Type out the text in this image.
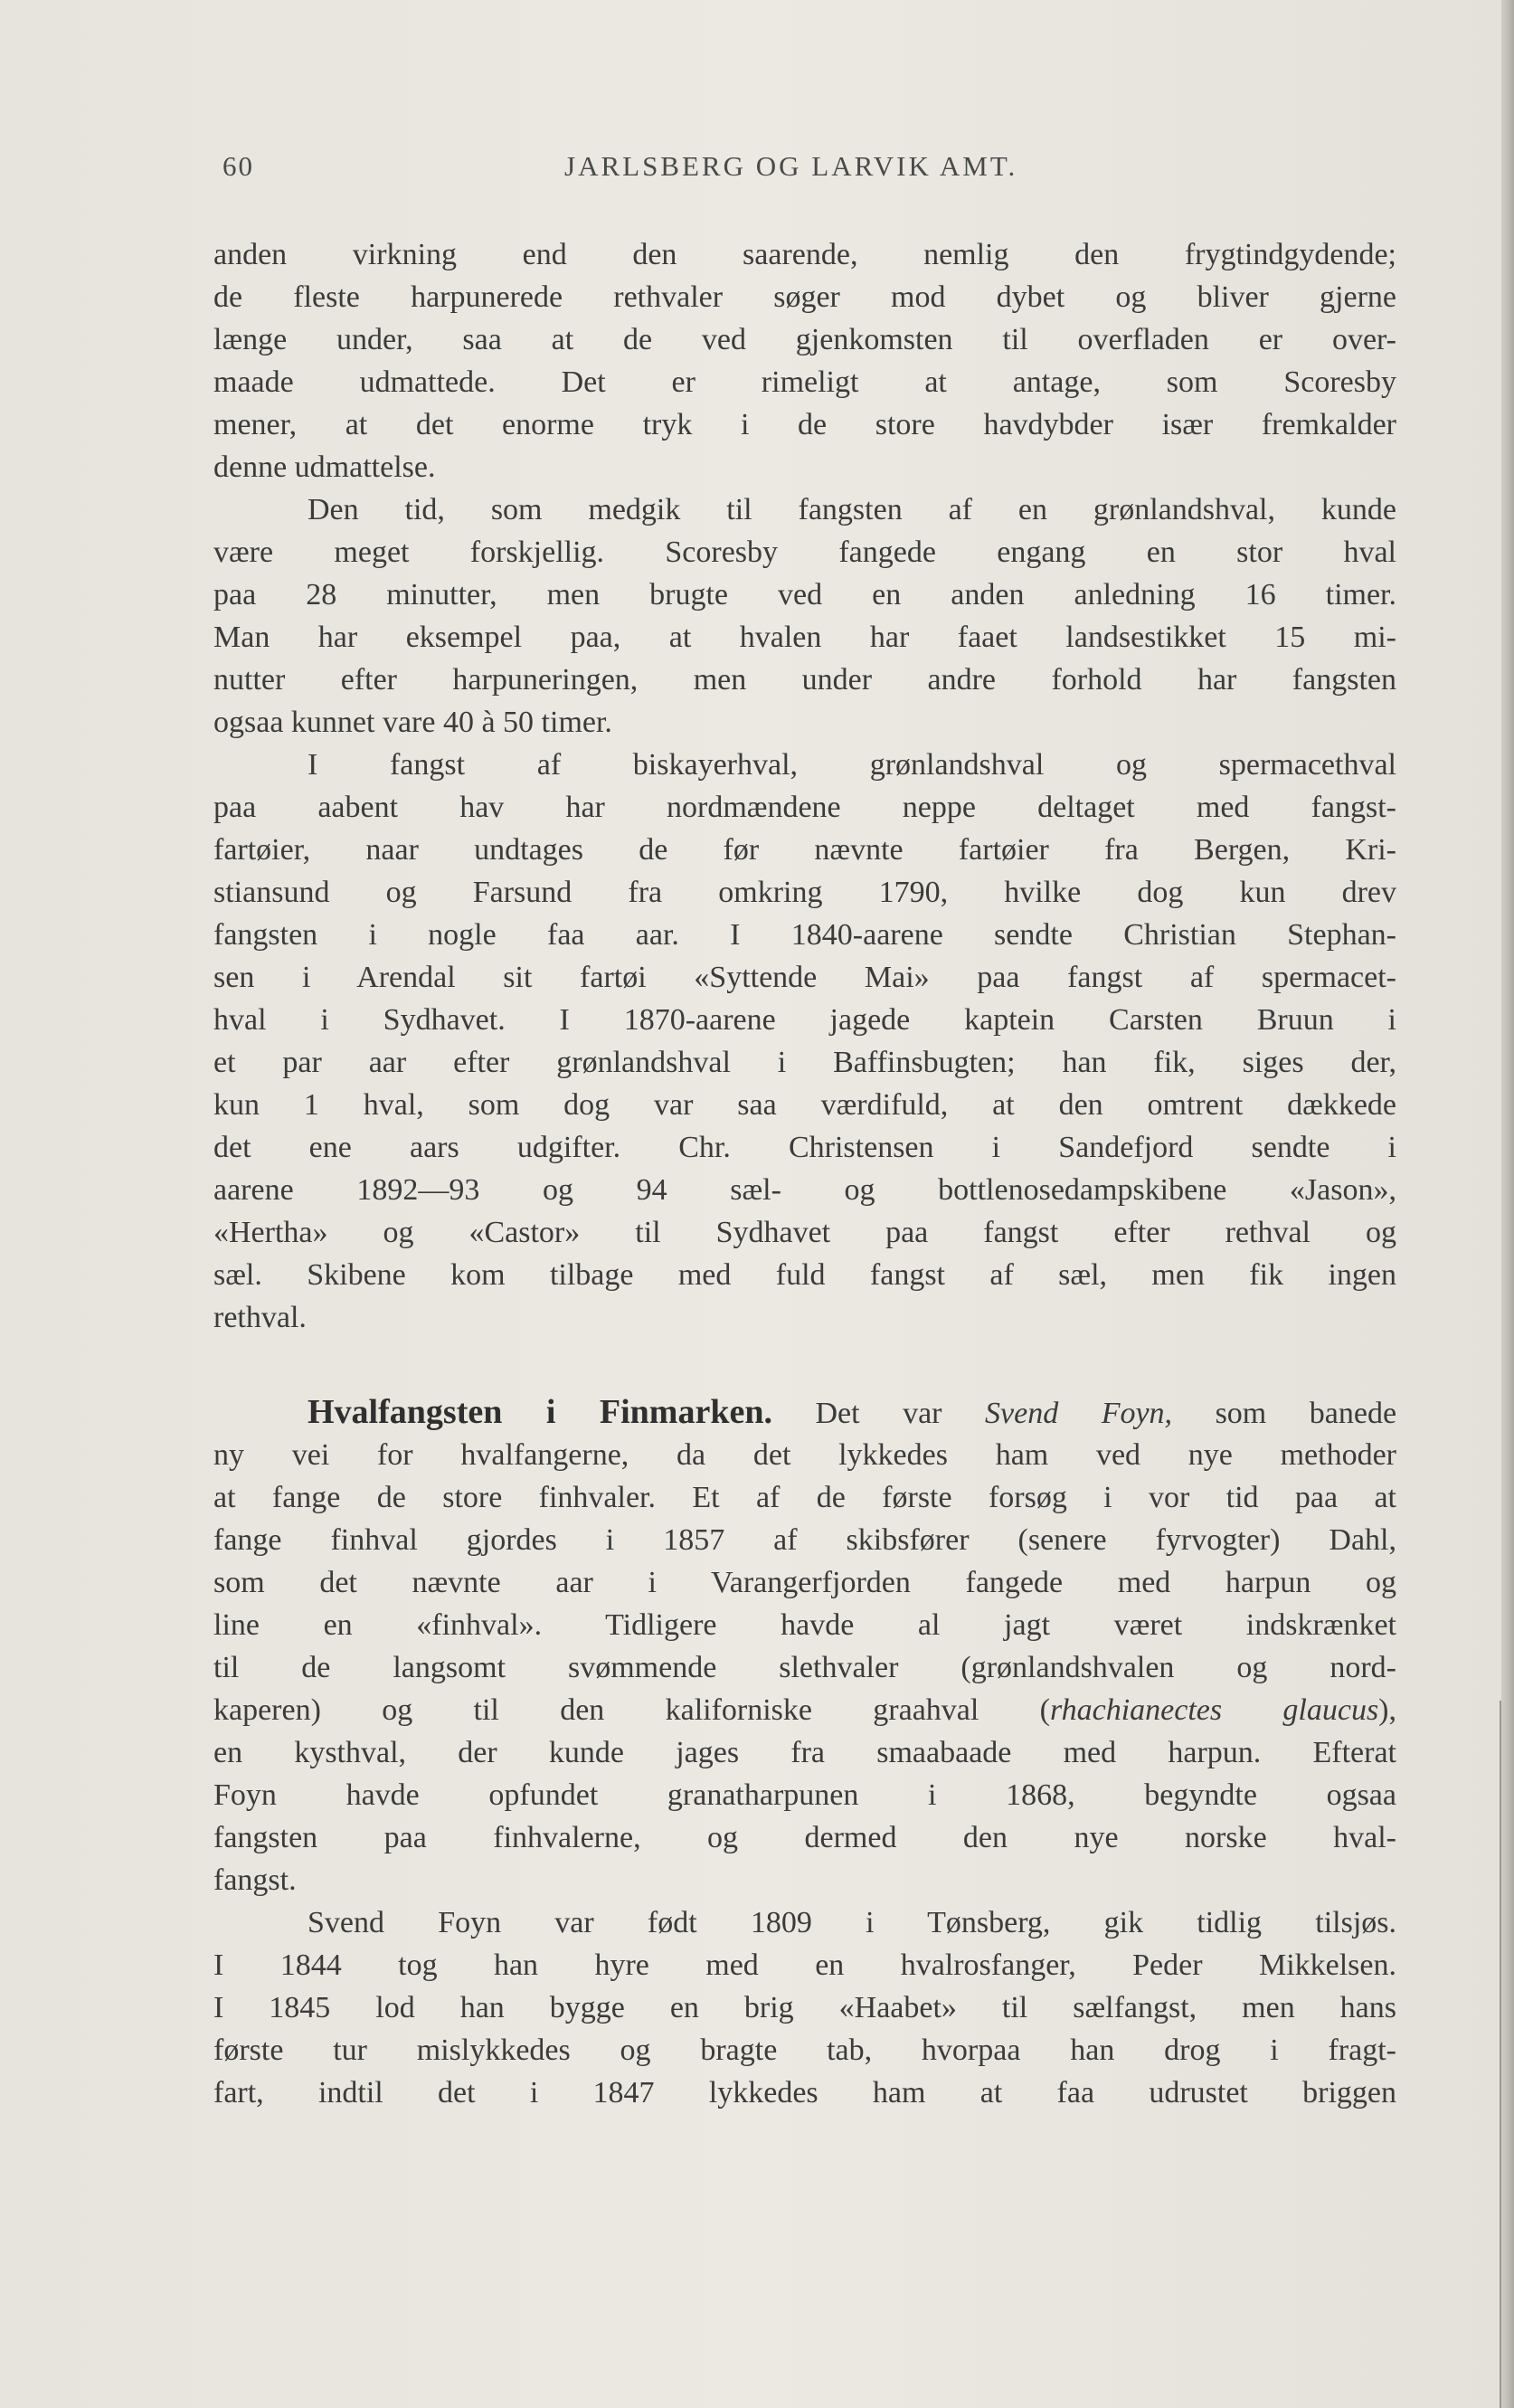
60	JARLSBERG OG LARVIK AMT.
anden virkning end den saarende, nemlig den frygtindgydende;
de fleste harpunerede rethvaler søger mod dybet og bliver gjerne
længe under, saa at de ved gjenkomsten til overfladen er over-
maade udmattede. Det er rimeligt at antage, som Scoresby
mener, at det enorme tryk i de store havdybder især fremkalder
denne udmattelse.
Den tid, som medgik til fangsten af en grønlandshval, kunde
være meget forskjellig. Scoresby fangede engang en stor hval
paa 28 minutter, men brugte ved en anden anledning 16 timer.
Man har eksempel paa, at hvalen har faaet landsestikket 15 mi-
nutter efter harpuneringen, men under andre forhold har fangsten
ogsaa kunnet vare 40 à 50 timer.
I fangst af biskayerhval, grønlandshval og spermacethval
paa aabent hav har nordmændene neppe deltaget med fangst-
fartøier, naar undtages de før nævnte fartøier fra Bergen, Kri-
stiansund og Farsund fra omkring 1790, hvilke dog kun drev
fangsten i nogle faa aar. I 1840-aarene sendte Christian Stephan-
sen i Arendal sit fartøi «Syttende Mai» paa fangst af spermacet-
hval i Sydhavet. I 1870-aarene jagede kaptein Carsten Bruun i
et par aar efter grønlandshval i Baffinsbugten; han fik, siges der,
kun 1 hval, som dog var saa værdifuld, at den omtrent dækkede
det ene aars udgifter. Chr. Christensen i Sandefjord sendte i
aarene 1892—93 og 94 sæl- og bottlenosedampskibene «Jason»,
«Hertha» og «Castor» til Sydhavet paa fangst efter rethval og
sæl. Skibene kom tilbage med fuld fangst af sæl, men fik ingen
rethval.
Hvalfangsten i Finmarken. Det var Svend Foyn, som banede
ny vei for hvalfangerne, da det lykkedes ham ved nye methoder
at fange de store finhvaler. Et af de første forsøg i vor tid paa at
fange finhval gjordes i 1857 af skibsfører (senere fyrvogter) Dahl,
som det nævnte aar i Varangerfjorden fangede med harpun og
line en «finhval». Tidligere havde al jagt været indskrænket
til de langsomt svømmende slethvaler (grønlandshvalen og nord-
kaperen) og til den kaliforniske graahval (rhachianectes glaucus),
en kysthval, der kunde jages fra smaabaade med harpun. Efterat
Foyn havde opfundet granatharpunen i 1868, begyndte ogsaa
fangsten paa finhvalerne, og dermed den nye norske hval-
fangst.
Svend Foyn var født 1809 i Tønsberg, gik tidlig tilsjøs.
I 1844 tog han hyre med en hvalrosfanger, Peder Mikkelsen.
I 1845 lod han bygge en brig «Haabet» til sælfangst, men hans
første tur mislykkedes og bragte tab, hvorpaa han drog i fragt-
fart, indtil det i 1847 lykkedes ham at faa udrustet briggen
